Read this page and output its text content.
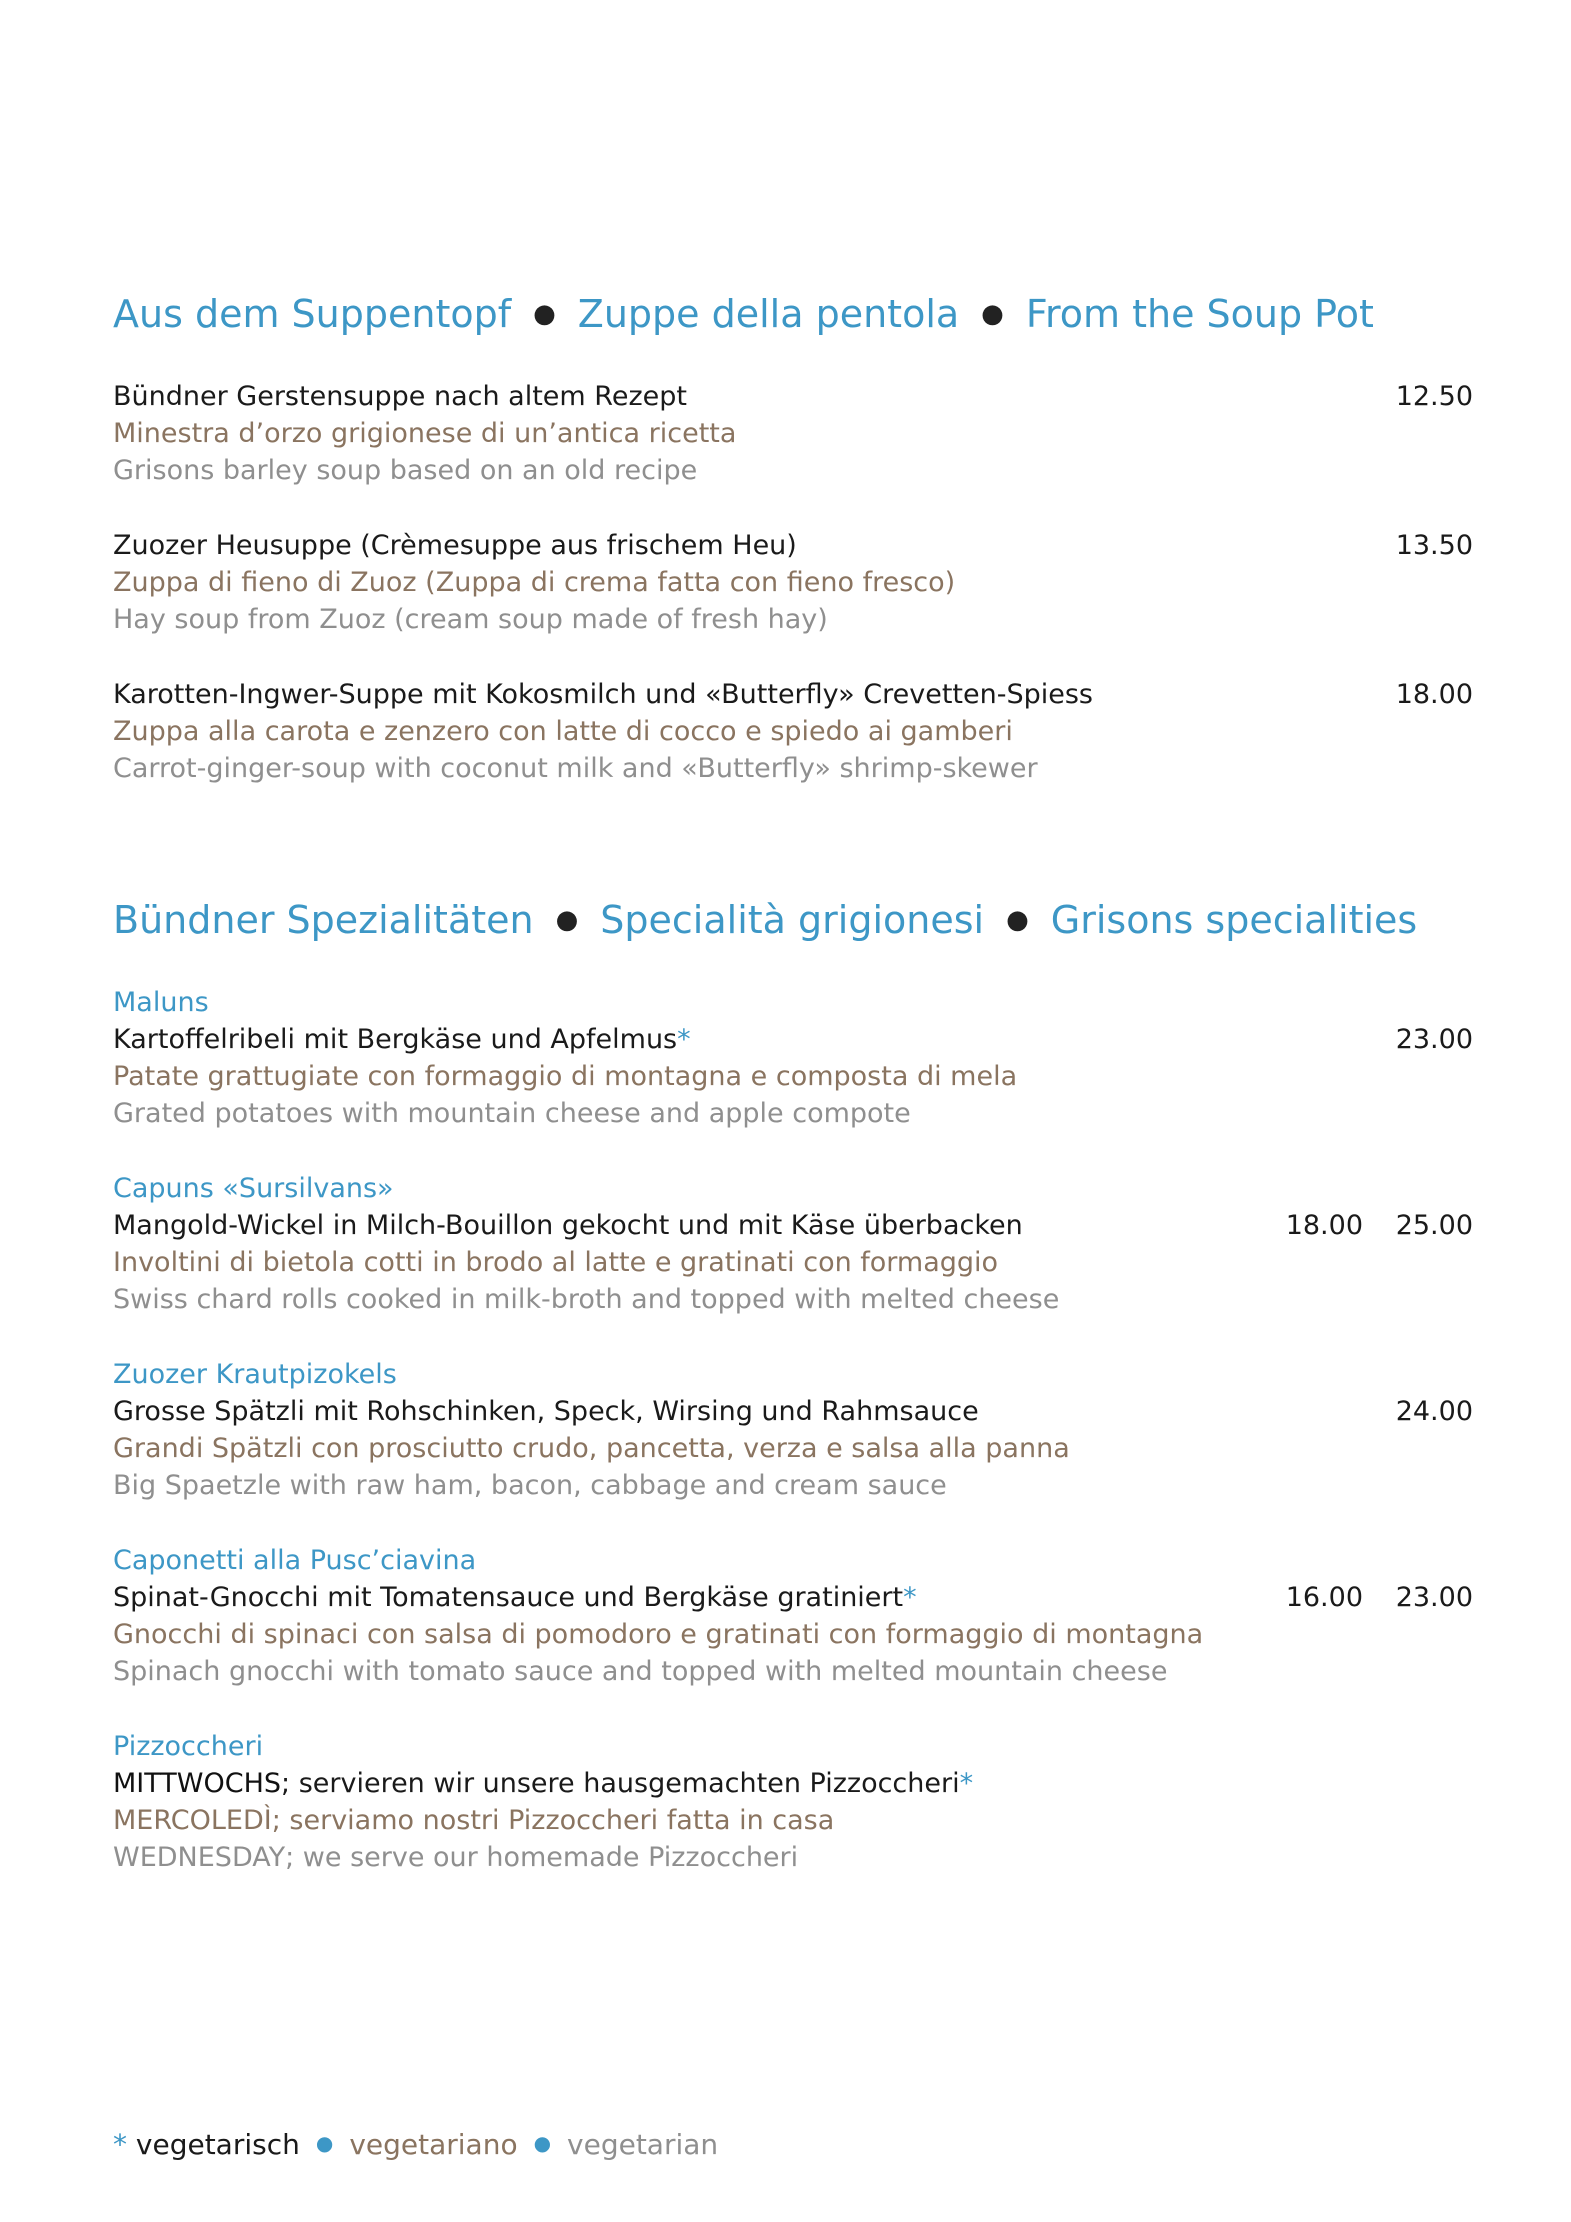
Aus dem Suppentopf ● Zuppe della pentola ● From the Soup Pot
Bündner Gerstensuppe nach altem Rezept
Minestra d’orzo grigionese di un’antica ricetta
Grisons barley soup based on an old recipe
12.50
Zuozer Heusuppe (Crèmesuppe aus frischem Heu)
Zuppa di fieno di Zuoz (Zuppa di crema fatta con fieno fresco)
Hay soup from Zuoz (cream soup made of fresh hay)
13.50
Karotten-Ingwer-Suppe mit Kokosmilch und «Butterfly» Crevetten-Spiess
Zuppa alla carota e zenzero con latte di cocco e spiedo ai gamberi
Carrot-ginger-soup with coconut milk and «Butterfly» shrimp-skewer
18.00
Bündner Spezialitäten ● Specialità grigionesi ● Grisons specialities
Maluns
Kartoffelribeli mit Bergkäse und Apfelmus*
Patate grattugiate con formaggio di montagna e composta di mela
Grated potatoes with mountain cheese and apple compote
23.00
Capuns «Sursilvans»
Mangold-Wickel in Milch-Bouillon gekocht und mit Käse überbacken
Involtini di bietola cotti in brodo al latte e gratinati con formaggio
Swiss chard rolls cooked in milk-broth and topped with melted cheese
18.00	25.00
Zuozer Krautpizokels
Grosse Spätzli mit Rohschinken, Speck, Wirsing und Rahmsauce
Grandi Spätzli con prosciutto crudo, pancetta, verza e salsa alla panna
Big Spaetzle with raw ham, bacon, cabbage and cream sauce
24.00
Caponetti alla Pusc’ciavina
Spinat-Gnocchi mit Tomatensauce und Bergkäse gratiniert*
Gnocchi di spinaci con salsa di pomodoro e gratinati con formaggio di montagna
Spinach gnocchi with tomato sauce and topped with melted mountain cheese
16.00	23.00
Pizzoccheri
MITTWOCHS; servieren wir unsere hausgemachten Pizzoccheri*
MERCOLEDÌ; serviamo nostri Pizzoccheri fatta in casa
WEDNESDAY; we serve our homemade Pizzoccheri
* vegetarisch ● vegetariano ● vegetarian
